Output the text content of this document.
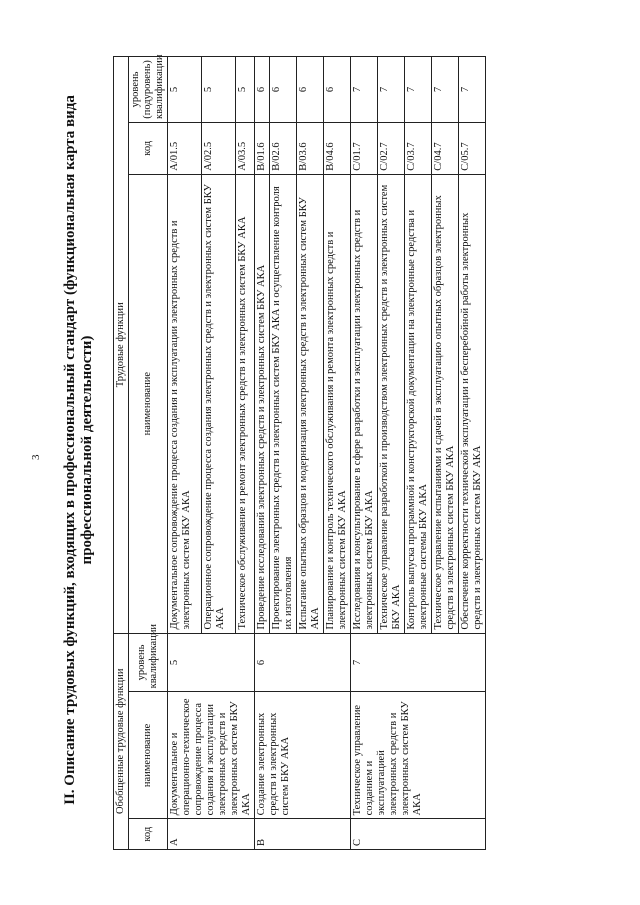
3 II. Описание трудовых функций, входящих в профессиональный стандарт (функциональная карта вида профессиональной деятельности)
Обобщенные трудовые функции			Трудовые функции		
код	наименование	уровень квалификации	наименование	код	уровень (подуровень) квалификации
A	Документальное и операционно-техническое сопровождение процесса создания и эксплуатации электронных средств и электронных систем БКУ АКА	5	Документальное сопровождение процесса создания и эксплуатации электронных средств и электронных систем БКУ АКА	A/01.5	5
			Операционное сопровождение процесса создания электронных средств и электронных систем БКУ АКА	A/02.5	5
			Техническое обслуживание и ремонт электронных средств и электронных систем БКУ АКА	A/03.5	5
B	Создание электронных средств и электронных систем БКУ АКА	6	Проведение исследований электронных средств и электронных систем БКУ АКА	B/01.6	6
			Проектирование электронных средств и электронных систем БКУ АКА и осуществление контроля их изготовления	B/02.6	6
			Испытание опытных образцов и модернизация электронных средств и электронных систем БКУ АКА	B/03.6	6
			Планирование и контроль технического обслуживания и ремонта электронных средств и электронных систем БКУ АКА	B/04.6	6
C	Техническое управление созданием и эксплуатацией электронных средств и электронных систем БКУ АКА	7	Исследования и консультирование в сфере разработки и эксплуатации электронных средств и электронных систем БКУ АКА	C/01.7	7
			Техническое управление разработкой и производством электронных средств и электронных систем БКУ АКА	C/02.7	7
			Контроль выпуска программной и конструкторской документации на электронные средства и электронные системы БКУ АКА	C/03.7	7
			Техническое управление испытаниями и сдачей в эксплуатацию опытных образцов электронных средств и электронных систем БКУ АКА	C/04.7	7
			Обеспечение корректности технической эксплуатации и бесперебойной работы электронных средств и электронных систем БКУ АКА	C/05.7	7
